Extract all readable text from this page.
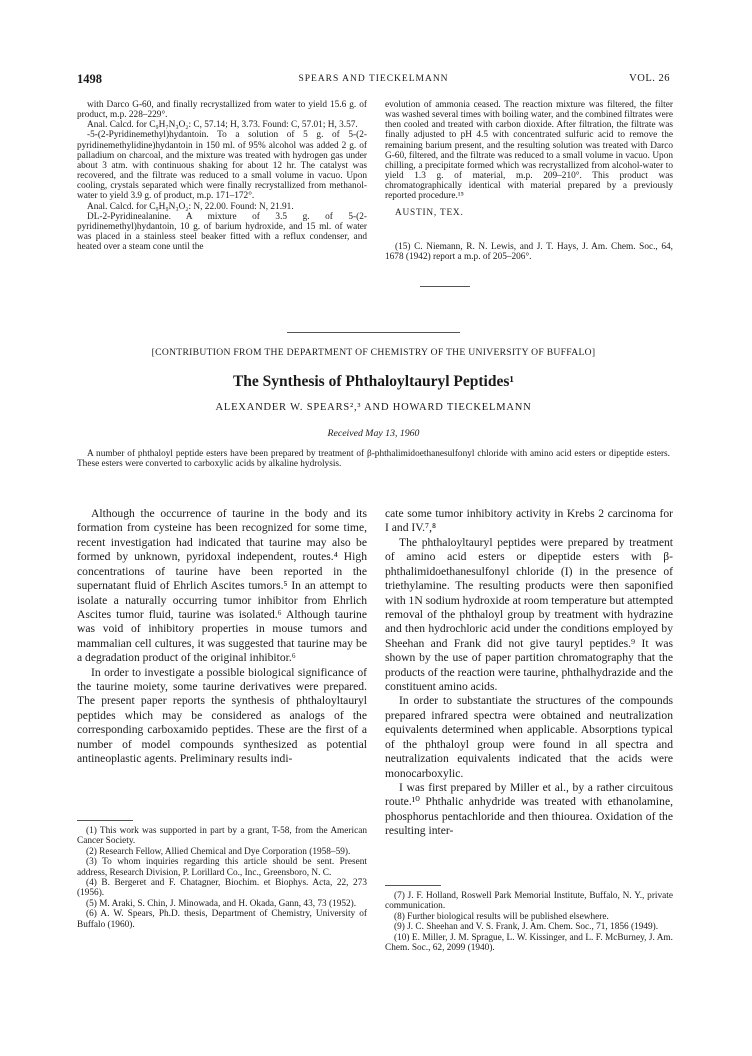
1498	SPEARS AND TIECKELMANN	VOL. 26

with Darco G-60, and finally recrystallized from water to yield 15.6 g. of product, m.p. 228–229°.

Anal. Calcd. for C₉H₇N₃O₂: C, 57.14; H, 3.73. Found: C, 57.01; H, 3.57.

-5-(2-Pyridinemethyl)hydantoin. To a solution of 5 g. of 5-(2-pyridinemethylidine)hydantoin in 150 ml. of 95% alcohol was added 2 g. of palladium on charcoal, and the mixture was treated with hydrogen gas under about 3 atm. with continuous shaking for about 12 hr. The catalyst was recovered, and the filtrate was reduced to a small volume in vacuo. Upon cooling, crystals separated which were finally recrystallized from methanol-water to yield 3.9 g. of product, m.p. 171–172°.

Anal. Calcd. for C₉H₉N₃O₂: N, 22.00. Found: N, 21.91.

DL-2-Pyridinealanine. A mixture of 3.5 g. of 5-(2-pyridinemethyl)hydantoin, 10 g. of barium hydroxide, and 15 ml. of water was placed in a stainless steel beaker fitted with a reflux condenser, and heated over a steam cone until the

evolution of ammonia ceased. The reaction mixture was filtered, the filter was washed several times with boiling water, and the combined filtrates were then cooled and treated with carbon dioxide. After filtration, the filtrate was finally adjusted to pH 4.5 with concentrated sulfuric acid to remove the remaining barium present, and the resulting solution was treated with Darco G-60, filtered, and the filtrate was reduced to a small volume in vacuo. Upon chilling, a precipitate formed which was recrystallized from alcohol-water to yield 1.3 g. of material, m.p. 209–210°. This product was chromatographically identical with material prepared by a previously reported procedure.¹⁵

AUSTIN, TEX.

(15) C. Niemann, R. N. Lewis, and J. T. Hays, J. Am. Chem. Soc., 64, 1678 (1942) report a m.p. of 205–206°.

[CONTRIBUTION FROM THE DEPARTMENT OF CHEMISTRY OF THE UNIVERSITY OF BUFFALO]
The Synthesis of Phthaloyltauryl Peptides¹
ALEXANDER W. SPEARS²,³ AND HOWARD TIECKELMANN
Received May 13, 1960

A number of phthaloyl peptide esters have been prepared by treatment of β-phthalimidoethanesulfonyl chloride with amino acid esters or dipeptide esters. These esters were converted to carboxylic acids by alkaline hydrolysis.

Although the occurrence of taurine in the body and its formation from cysteine has been recognized for some time, recent investigation had indicated that taurine may also be formed by unknown, pyridoxal independent, routes.⁴ High concentrations of taurine have been reported in the supernatant fluid of Ehrlich Ascites tumors.⁵ In an attempt to isolate a naturally occurring tumor inhibitor from Ehrlich Ascites tumor fluid, taurine was isolated.⁶ Although taurine was void of inhibitory properties in mouse tumors and mammalian cell cultures, it was suggested that taurine may be a degradation product of the original inhibitor.⁶

In order to investigate a possible biological significance of the taurine moiety, some taurine derivatives were prepared. The present paper reports the synthesis of phthaloyltauryl peptides which may be considered as analogs of the corresponding carboxamido peptides. These are the first of a number of model compounds synthesized as potential antineoplastic agents. Preliminary results indi-

cate some tumor inhibitory activity in Krebs 2 carcinoma for I and IV.⁷,⁸

The phthaloyltauryl peptides were prepared by treatment of amino acid esters or dipeptide esters with β-phthalimidoethanesulfonyl chloride (I) in the presence of triethylamine. The resulting products were then saponified with 1N sodium hydroxide at room temperature but attempted removal of the phthaloyl group by treatment with hydrazine and then hydrochloric acid under the conditions employed by Sheehan and Frank did not give tauryl peptides.⁹ It was shown by the use of paper partition chromatography that the products of the reaction were taurine, phthalhydrazide and the constituent amino acids.

In order to substantiate the structures of the compounds prepared infrared spectra were obtained and neutralization equivalents determined when applicable. Absorptions typical of the phthaloyl group were found in all spectra and neutralization equivalents indicated that the acids were monocarboxylic.

I was first prepared by Miller et al., by a rather circuitous route.¹⁰ Phthalic anhydride was treated with ethanolamine, phosphorus pentachloride and then thiourea. Oxidation of the resulting inter-

(1) This work was supported in part by a grant, T-58, from the American Cancer Society.

(2) Research Fellow, Allied Chemical and Dye Corporation (1958–59).

(3) To whom inquiries regarding this article should be sent. Present address, Research Division, P. Lorillard Co., Inc., Greensboro, N. C.

(4) B. Bergeret and F. Chatagner, Biochim. et Biophys. Acta, 22, 273 (1956).

(5) M. Araki, S. Chin, J. Minowada, and H. Okada, Gann, 43, 73 (1952).

(6) A. W. Spears, Ph.D. thesis, Department of Chemistry, University of Buffalo (1960).

(7) J. F. Holland, Roswell Park Memorial Institute, Buffalo, N. Y., private communication.

(8) Further biological results will be published elsewhere.

(9) J. C. Sheehan and V. S. Frank, J. Am. Chem. Soc., 71, 1856 (1949).

(10) E. Miller, J. M. Sprague, L. W. Kissinger, and L. F. McBurney, J. Am. Chem. Soc., 62, 2099 (1940).
